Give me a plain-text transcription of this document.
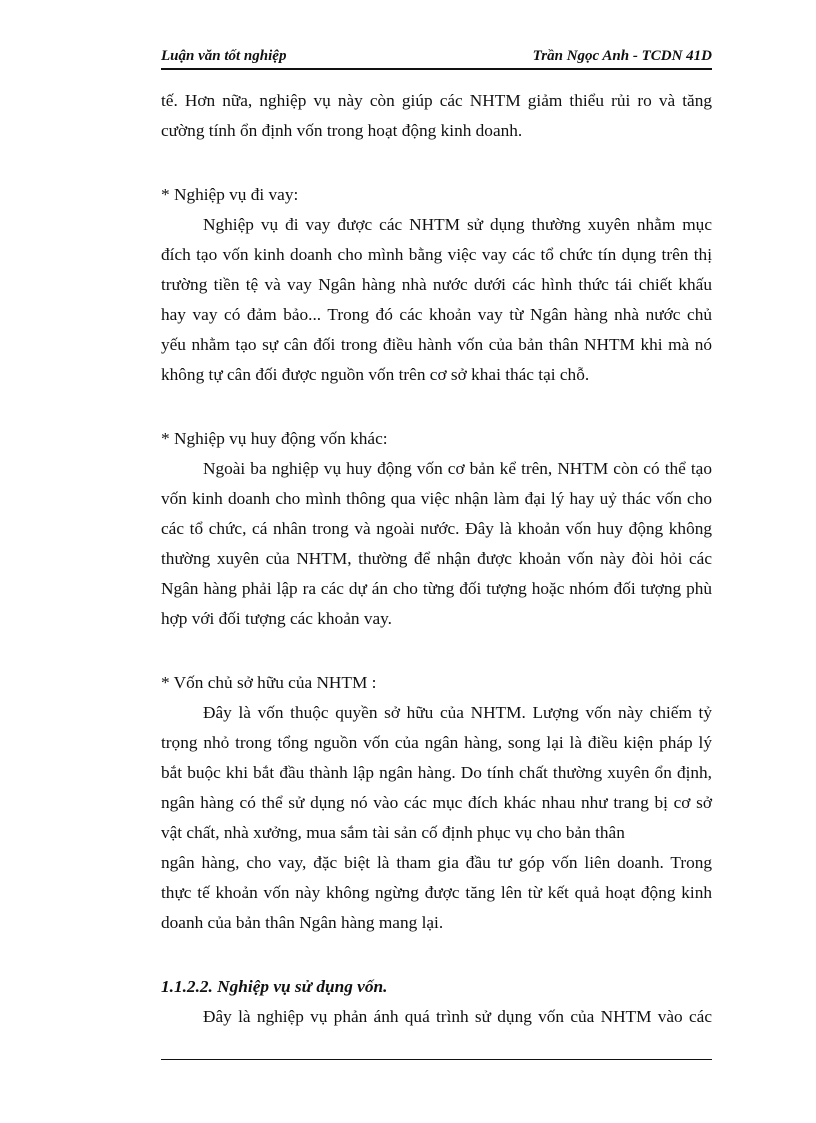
Luận văn tốt nghiệp	Trần Ngọc Anh - TCDN 41D
tế. Hơn nữa, nghiệp vụ này còn giúp các NHTM giảm thiểu rủi ro và tăng
cường tính ổn định vốn trong hoạt động kinh doanh.
* Nghiệp vụ đi vay:
Nghiệp vụ đi vay được các NHTM sử dụng thường xuyên nhằm mục
đích tạo vốn kinh doanh cho mình bằng việc vay các tổ chức tín dụng trên thị
trường tiền tệ và vay Ngân hàng nhà nước dưới các hình thức tái chiết khấu
hay vay có đảm bảo... Trong đó các khoản vay từ Ngân hàng nhà nước chủ
yếu nhằm tạo sự cân đối trong điều hành vốn của bản thân NHTM khi mà nó
không tự cân đối được nguồn vốn trên cơ sở khai thác tại chỗ.
* Nghiệp vụ huy động vốn khác:
Ngoài ba nghiệp vụ huy động vốn cơ bản kể trên, NHTM còn có thể tạo
vốn kinh doanh cho mình thông qua việc nhận làm đại lý hay uỷ thác vốn cho
các tổ chức, cá nhân trong và ngoài nước. Đây là khoản vốn huy động không
thường xuyên của NHTM, thường để nhận được khoản vốn này đòi hỏi các
Ngân hàng phải lập ra các dự án cho từng đối tượng hoặc nhóm đối tượng phù
hợp với đối tượng các khoản vay.
* Vốn chủ sở hữu của NHTM :
Đây là vốn thuộc quyền sở hữu của NHTM. Lượng vốn này chiếm tỷ
trọng nhỏ trong tổng nguồn vốn của ngân hàng, song lại là điều kiện pháp lý
bắt buộc khi bắt đầu thành lập ngân hàng. Do tính chất thường xuyên ổn định,
ngân hàng có thể sử dụng nó vào các mục đích khác nhau như trang bị cơ sở
vật chất, nhà xưởng, mua sắm tài sản cố định phục vụ cho bản thân
ngân hàng, cho vay, đặc biệt là tham gia đầu tư góp vốn liên doanh. Trong
thực tế khoản vốn này không ngừng được tăng lên từ kết quả hoạt động kinh
doanh của bản thân Ngân hàng mang lại.
1.1.2.2. Nghiệp vụ sử dụng vốn.
Đây là nghiệp vụ phản ánh quá trình sử dụng vốn của NHTM vào các
